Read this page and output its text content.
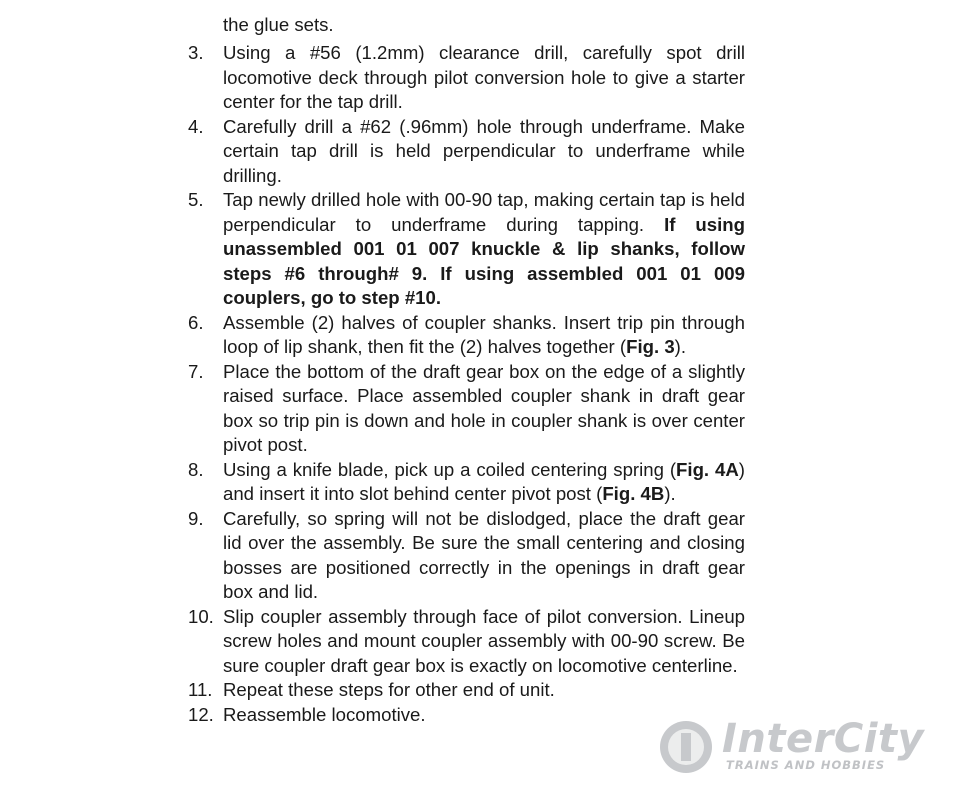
the glue sets.

3.	Using a #56 (1.2mm) clearance drill, carefully spot drill locomotive deck through pilot conversion hole to give a starter center for the tap drill.
4.	Carefully drill a #62 (.96mm) hole through underframe. Make certain tap drill is held perpendicular to underframe while drilling.
5.	Tap newly drilled hole with 00-90 tap, making certain tap is held perpendicular to underframe during tapping. If using unassembled 001 01 007 knuckle & lip shanks, follow steps #6 through# 9. If using assembled 001 01 009 couplers, go to step #10.
6.	Assemble (2) halves of coupler shanks. Insert trip pin through loop of lip shank, then fit the (2) halves together (Fig. 3).
7.	Place the bottom of the draft gear box on the edge of a slightly raised surface. Place assembled coupler shank in draft gear box so trip pin is down and hole in coupler shank is over center pivot post.
8.	Using a knife blade, pick up a coiled centering spring (Fig. 4A) and insert it into slot behind center pivot post (Fig. 4B).
9.	Carefully, so spring will not be dislodged, place the draft gear lid over the assembly. Be sure the small centering and closing bosses are positioned correctly in the openings in draft gear box and lid.
10. Slip coupler assembly through face of pilot conversion. Lineup screw holes and mount coupler assembly with 00-90 screw. Be sure coupler draft gear box is exactly on locomotive centerline.
11. Repeat these steps for other end of unit.
12. Reassemble locomotive.
InterCity
TRAINS AND HOBBIES
